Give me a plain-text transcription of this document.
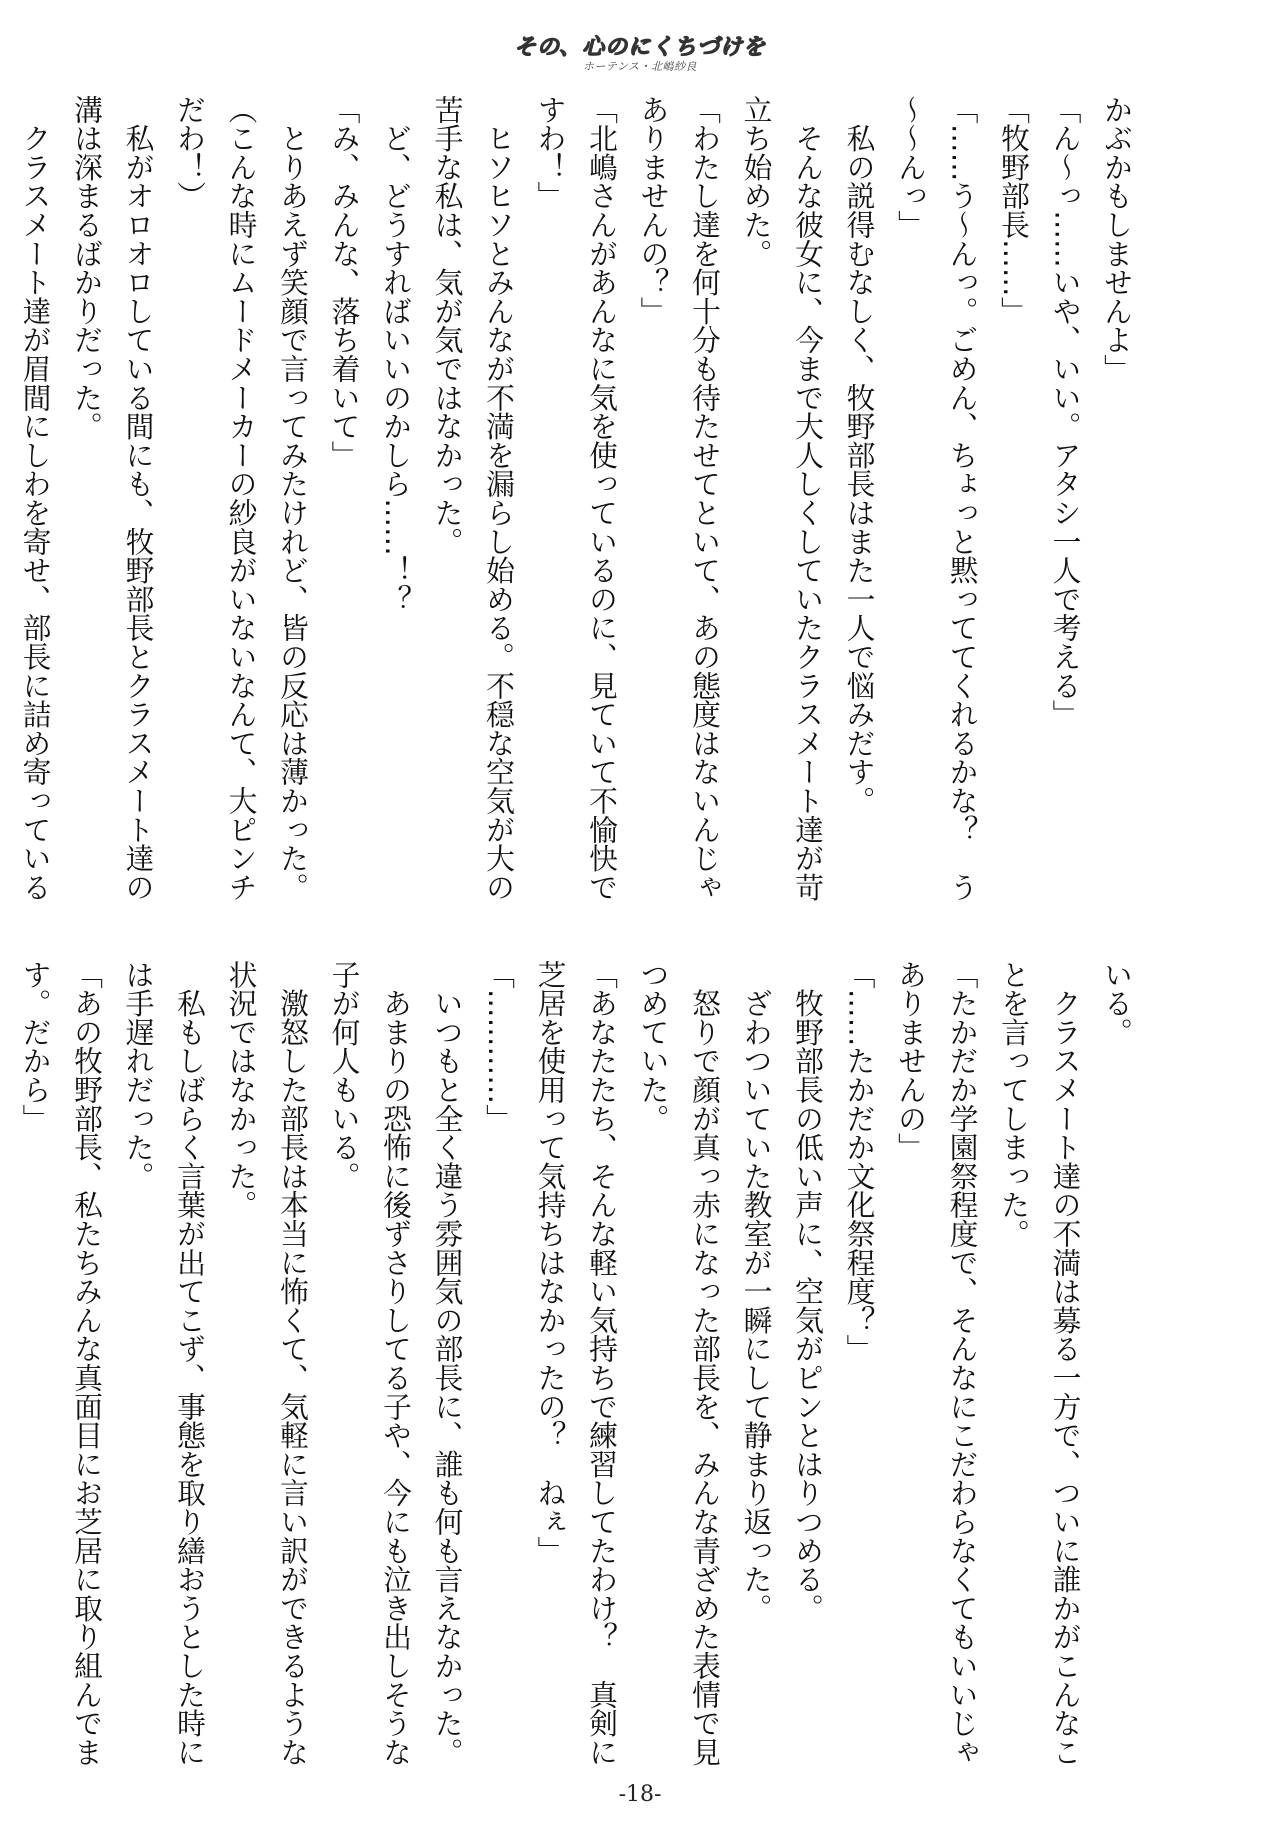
その、心のにくちづけを
ホーテンス・北嶋紗良
かぶかもしませんよ」
「ん〜っ……いや、いい。アタシ一人で考える」
「牧野部長……」
「……う〜んっ。ごめん、ちょっと黙っててくれるかな？　う〜〜んっ」
　私の説得むなしく、牧野部長はまた一人で悩みだす。
　そんな彼女に、今まで大人しくしていたクラスメート達が苛立ち始めた。
「わたし達を何十分も待たせてといて、あの態度はないんじゃありませんの？」
「北嶋さんがあんなに気を使っているのに、見ていて不愉快ですわ！」
　ヒソヒソとみんなが不満を漏らし始める。不穏な空気が大の苦手な私は、気が気ではなかった。
　ど、どうすればいいのかしら……！？
「み、みんな、落ち着いて」
　とりあえず笑顔で言ってみたけれど、皆の反応は薄かった。
（こんな時にムードメーカーの紗良がいないなんて、大ピンチだわ！）
　私がオロオロしている間にも、牧野部長とクラスメート達の溝は深まるばかりだった。
　クラスメート達が眉間にしわを寄せ、部長に詰め寄っている
いる。
　クラスメート達の不満は募る一方で、ついに誰かがこんなことを言ってしまった。
「たかだか学園祭程度で、そんなにこだわらなくてもいいじゃありませんの」
「……たかだか文化祭程度？」
　牧野部長の低い声に、空気がピンとはりつめる。
　ざわついていた教室が一瞬にして静まり返った。
　怒りで顔が真っ赤になった部長を、みんな青ざめた表情で見つめていた。
「あなたたち、そんな軽い気持ちで練習してたわけ？　真剣に芝居を使用って気持ちはなかったの？　ねぇ」
「…………」
　いつもと全く違う雰囲気の部長に、誰も何も言えなかった。
　あまりの恐怖に後ずさりしてる子や、今にも泣き出しそうな子が何人もいる。
　激怒した部長は本当に怖くて、気軽に言い訳ができるような状況ではなかった。
　私もしばらく言葉が出てこず、事態を取り繕おうとした時には手遅れだった。
「あの牧野部長、私たちみんな真面目にお芝居に取り組んでます。だから」
-18-
